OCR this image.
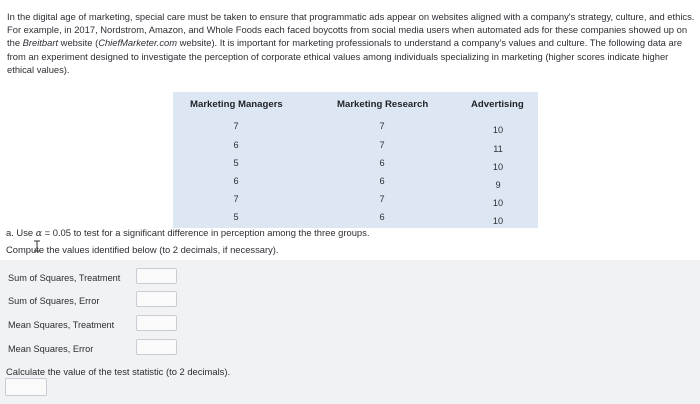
In the digital age of marketing, special care must be taken to ensure that programmatic ads appear on websites aligned with a company's strategy, culture, and ethics. For example, in 2017, Nordstrom, Amazon, and Whole Foods each faced boycotts from social media users when automated ads for these companies showed up on the Breitbart website (ChiefMarketer.com website). It is important for marketing professionals to understand a company's values and culture. The following data are from an experiment designed to investigate the perception of corporate ethical values among individuals specializing in marketing (higher scores indicate higher ethical values).
Marketing Managers	Marketing Research	Advertising
7	7	10
6	7	11
5	6	10
6	6	9
7	7	10
5	6	10
a. Use α = 0.05 to test for a significant difference in perception among the three groups.
Compute the values identified below (to 2 decimals, if necessary).
Sum of Squares, Treatment
Sum of Squares, Error
Mean Squares, Treatment
Mean Squares, Error
Calculate the value of the test statistic (to 2 decimals).
